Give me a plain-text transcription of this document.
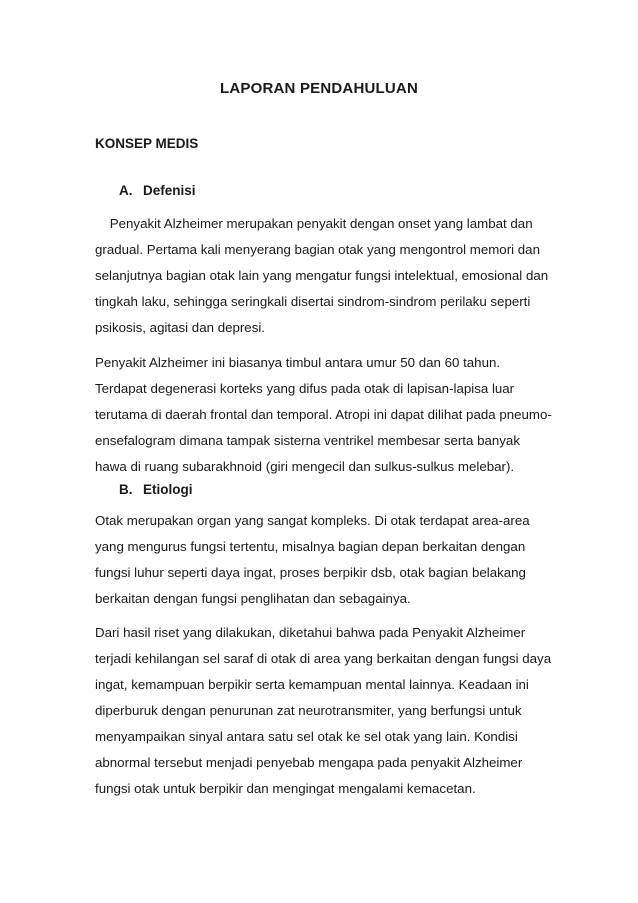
LAPORAN PENDAHULUAN
KONSEP MEDIS
A. Defenisi
Penyakit Alzheimer merupakan penyakit dengan onset yang lambat dan
gradual. Pertama kali menyerang bagian otak yang mengontrol memori dan
selanjutnya bagian otak lain yang mengatur fungsi intelektual, emosional dan
tingkah laku, sehingga seringkali disertai sindrom-sindrom perilaku seperti
psikosis, agitasi dan depresi.
Penyakit Alzheimer ini biasanya timbul antara umur 50 dan 60 tahun.
Terdapat degenerasi korteks yang difus pada otak di lapisan-lapisa luar
terutama di daerah frontal dan temporal. Atropi ini dapat dilihat pada pneumo-
ensefalogram dimana tampak sisterna ventrikel membesar serta banyak
hawa di ruang subarakhnoid (giri mengecil dan sulkus-sulkus melebar).
B. Etiologi
Otak merupakan organ yang sangat kompleks. Di otak terdapat area-area
yang mengurus fungsi tertentu, misalnya bagian depan berkaitan dengan
fungsi luhur seperti daya ingat, proses berpikir dsb, otak bagian belakang
berkaitan dengan fungsi penglihatan dan sebagainya.
Dari hasil riset yang dilakukan, diketahui bahwa pada Penyakit Alzheimer
terjadi kehilangan sel saraf di otak di area yang berkaitan dengan fungsi daya
ingat, kemampuan berpikir serta kemampuan mental lainnya. Keadaan ini
diperburuk dengan penurunan zat neurotransmiter, yang berfungsi untuk
menyampaikan sinyal antara satu sel otak ke sel otak yang lain. Kondisi
abnormal tersebut menjadi penyebab mengapa pada penyakit Alzheimer
fungsi otak untuk berpikir dan mengingat mengalami kemacetan.
